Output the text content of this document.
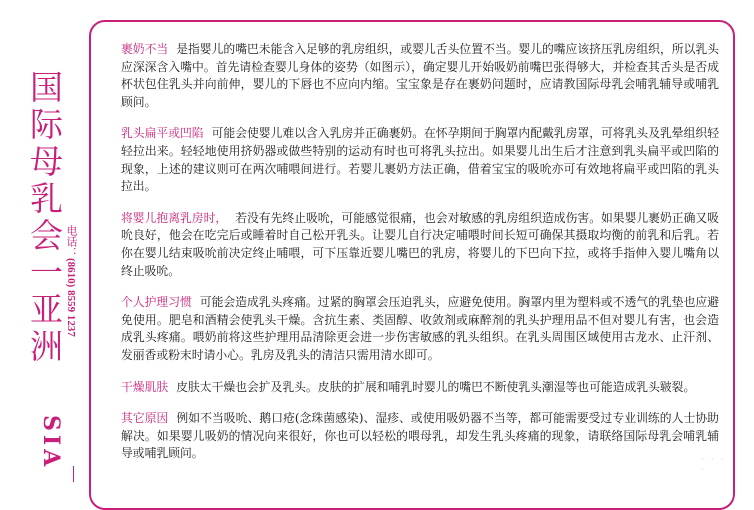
国际母乳会一亚洲 电话：(8610) 8559 1237
SIA

裹奶不当 是指婴儿的嘴巴未能含入足够的乳房组织，或婴儿舌头位置不当。婴儿的嘴应该挤压乳房组织，所以乳头应深深含入嘴中。首先请检查婴儿身体的姿势（如图示），确定婴儿开始吸奶前嘴巴张得够大，并检查其舌头是否成杯状包住乳头并向前伸，婴儿的下唇也不应向内缩。宝宝象是存在裹奶问题时，应请教国际母乳会哺乳辅导或哺乳顾问。

乳头扁平或凹陷 可能会使婴儿难以含入乳房并正确裹奶。在怀孕期间于胸罩内配戴乳房罩，可将乳头及乳晕组织轻轻拉出来。轻轻地使用挤奶器或做些特别的运动有时也可将乳头拉出。如果婴儿出生后才注意到乳头扁平或凹陷的现象，上述的建议则可在两次哺喂间进行。若婴儿裹奶方法正确，借着宝宝的吸吮亦可有效地将扁平或凹陷的乳头拉出。

将婴儿抱离乳房时， 若没有先终止吸吮，可能感觉很痛，也会对敏感的乳房组织造成伤害。如果婴儿裹奶正确又吸吮良好，他会在吃完后或睡着时自己松开乳头。让婴儿自行决定哺喂时间长短可确保其摄取均衡的前乳和后乳。若你在婴儿结束吸吮前决定终止哺喂，可下压靠近婴儿嘴巴的乳房，将婴儿的下巴向下拉，或将手指伸入婴儿嘴角以终止吸吮。

个人护理习惯 可能会造成乳头疼痛。过紧的胸罩会压迫乳头，应避免使用。胸罩内里为塑料或不透气的乳垫也应避免使用。肥皂和酒精会使乳头干燥。含抗生素、类固醇、收敛剂或麻醉剂的乳头护理用品不但对婴儿有害，也会造成乳头疼痛。喂奶前将这些护理用品清除更会进一步伤害敏感的乳头组织。在乳头周围区域使用古龙水、止汗剂、发丽香或粉末时请小心。乳房及乳头的清洁只需用清水即可。

干燥肌肤 皮肤太干燥也会扩及乳头。皮肤的扩展和哺乳时婴儿的嘴巴不断使乳头潮湿等也可能造成乳头皲裂。

其它原因 例如不当吸吮、鹅口疮(念珠菌感染)、湿疹、或使用吸奶器不当等，都可能需要受过专业训练的人士协助解决。如果婴儿吸奶的情况向来很好，你也可以轻松的喂母乳，却发生乳头疼痛的现象，请联络国际母乳会哺乳辅导或哺乳顾问。	· · · ·
